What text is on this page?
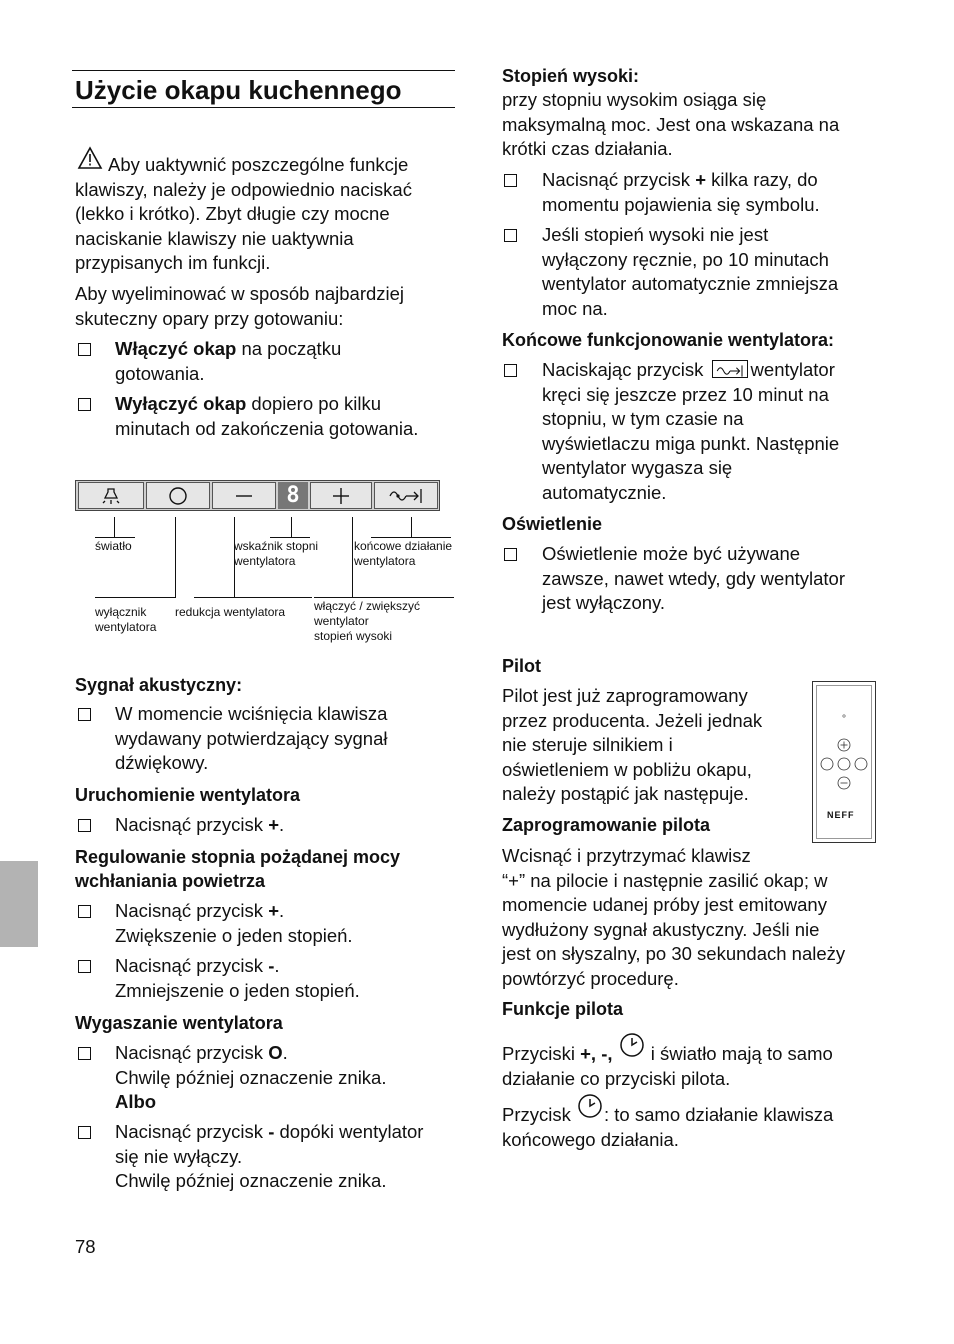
Użycie okapu kuchennego
Aby uaktywnić poszczególne funkcje
klawiszy, należy je odpowiednio naciskać
(lekko i krótko). Zbyt długie czy mocne
naciskanie klawiszy nie uaktywnia
przypisanych im funkcji.
Aby wyeliminować w sposób najbardziej
skuteczny opary przy gotowaniu:
Włączyć okap na początku
gotowania.
Wyłączyć okap dopiero po kilku
minutach od zakończenia gotowania.
8
światło	wskaźnik stopni
wentylatora
końcowe działanie
wentylatora
wyłącznik
wentylatora
redukcja wentylatora włączyć / zwiększyć
wentylator
stopień wysoki
Sygnał akustyczny:
W momencie wciśnięcia klawisza
wydawany potwierdzający sygnał
dźwiękowy.
Uruchomienie wentylatora
Nacisnąć przycisk +.
Regulowanie stopnia pożądanej mocy
wchłaniania powietrza
Nacisnąć przycisk +.
Zwiększenie o jeden stopień.
Nacisnąć przycisk -.
Zmniejszenie o jeden stopień.
Wygaszanie wentylatora
Nacisnąć przycisk O.
Chwilę później oznaczenie znika.
Albo
Nacisnąć przycisk - dopóki wentylator
się nie wyłączy.
Chwilę później oznaczenie znika.
78
Stopień wysoki:
przy stopniu wysokim osiąga się
maksymalną moc. Jest ona wskazana na
krótki czas działania.
Nacisnąć przycisk + kilka razy, do
momentu pojawienia się symbolu.
Jeśli stopień wysoki nie jest
wyłączony ręcznie, po 10 minutach
wentylator automatycznie zmniejsza
moc na.
Końcowe funkcjonowanie wentylatora:
Naciskając przycisk	wentylator
kręci się jeszcze przez 10 minut na
stopniu, w tym czasie na
wyświetlaczu miga punkt. Następnie
wentylator wygasza się
automatycznie.
Oświetlenie
Oświetlenie może być używane
zawsze, nawet wtedy, gdy wentylator
jest wyłączony.
Pilot
Pilot jest już zaprogramowany
przez producenta. Jeżeli jednak
nie steruje silnikiem i
oświetleniem w pobliżu okapu,
należy postąpić jak następuje.
NEFF
Zaprogramowanie pilota
Wcisnąć i przytrzymać klawisz
“+” na pilocie i następnie zasilić okap; w
momencie udanej próby jest emitowany
wydłużony sygnał akustyczny. Jeśli nie
jest on słyszalny, po 30 sekundach należy
powtórzyć procedurę.
Funkcje pilota
Przyciski +, -,  i światło mają to samo
działanie co przyciski pilota.
Przycisk : to samo działanie klawisza
końcowego działania.
